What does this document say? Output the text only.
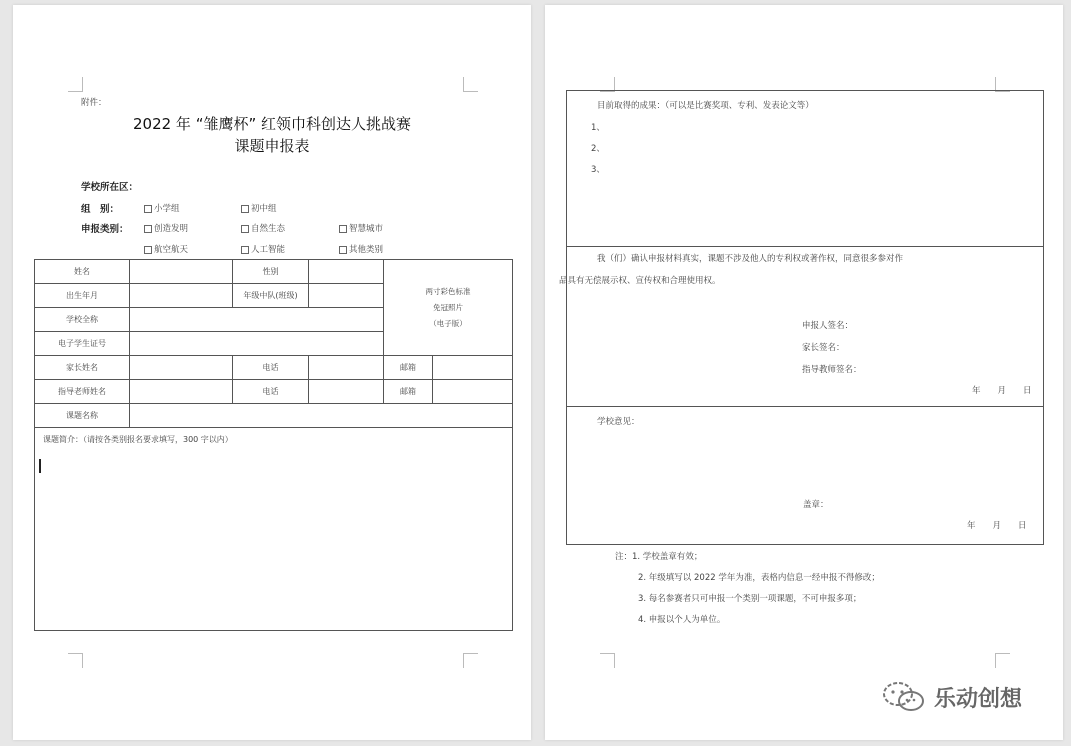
附件：
2022 年 “雏鹰杯” 红领巾科创达人挑战赛
课题申报表
学校所在区：
组　别：	小学组	初中组
申报类别：	创造发明	自然生态	智慧城市
航空航天	人工智能	其他类别
姓名		性别		两寸彩色标准
免冠照片
（电子版）	

出生年月		年级中队(班级)			
学校全称					
电子学生证号					
家长姓名		电话		邮箱	
指导老师姓名		电话		邮箱	
课题名称					
课题简介：（请按各类别报名要求填写，300 字以内）					
目前取得的成果：（可以是比赛奖项、专利、发表论文等）
1、
2、
3、
我（们）确认申报材料真实，课题不涉及他人的专利权或著作权，同意很多参对作
品具有无偿展示权、宣传权和合理使用权。
申报人签名：
家长签名：
指导教师签名：
年　　月　　日
学校意见：
盖章：
年　　月　　日
注：1. 学校盖章有效；
2. 年级填写以 2022 学年为准，表格内信息一经申报不得修改；
3. 每名参赛者只可申报一个类别一项课题，不可申报多项；
4. 申报以个人为单位。
乐动创想
